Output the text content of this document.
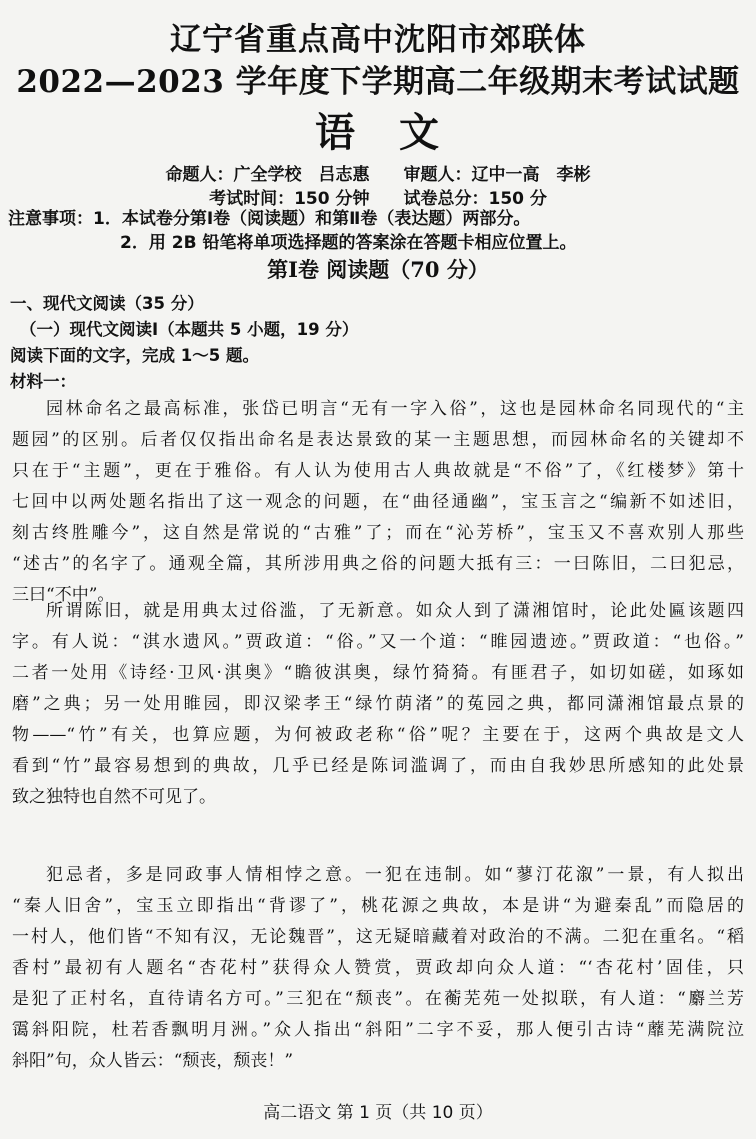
辽宁省重点高中沈阳市郊联体
2022—2023 学年度下学期高二年级期末考试试题
语　文
命题人：广全学校　吕志惠　　审题人：辽中一高　李彬
考试时间：150 分钟　　试卷总分：150 分
注意事项：1．本试卷分第Ⅰ卷（阅读题）和第Ⅱ卷（表达题）两部分。
2．用 2B 铅笔将单项选择题的答案涂在答题卡相应位置上。
第Ⅰ卷 阅读题（70 分）
一、现代文阅读（35 分）
（一）现代文阅读Ⅰ（本题共 5 小题，19 分）
阅读下面的文字，完成 1～5 题。
材料一：
园林命名之最高标准，张岱已明言“无有一字入俗”，这也是园林命名同现代的“主
题园”的区别。后者仅仅指出命名是表达景致的某一主题思想，而园林命名的关键却不
只在于“主题”，更在于雅俗。有人认为使用古人典故就是“不俗”了，《红楼梦》第十
七回中以两处题名指出了这一观念的问题，在“曲径通幽”，宝玉言之“编新不如述旧，
刻古终胜雕今”，这自然是常说的“古雅”了；而在“沁芳桥”，宝玉又不喜欢别人那些
“述古”的名字了。通观全篇，其所涉用典之俗的问题大抵有三：一曰陈旧，二曰犯忌，
三曰“不中”。
所谓陈旧，就是用典太过俗滥，了无新意。如众人到了潇湘馆时，论此处匾该题四
字。有人说：“淇水遗风。”贾政道：“俗。”又一个道：“睢园遗迹。”贾政道：“也俗。”
二者一处用《诗经·卫风·淇奥》“瞻彼淇奥，绿竹猗猗。有匪君子，如切如磋，如琢如
磨”之典；另一处用睢园，即汉梁孝王“绿竹荫渚”的菟园之典，都同潇湘馆最点景的
物——“竹”有关，也算应题，为何被政老称“俗”呢？主要在于，这两个典故是文人
看到“竹”最容易想到的典故，几乎已经是陈词滥调了，而由自我妙思所感知的此处景
致之独特也自然不可见了。
犯忌者，多是同政事人情相悖之意。一犯在违制。如“蓼汀花溆”一景，有人拟出
“秦人旧舍”，宝玉立即指出“背谬了”，桃花源之典故，本是讲“为避秦乱”而隐居的
一村人，他们皆“不知有汉，无论魏晋”，这无疑暗藏着对政治的不满。二犯在重名。“稻
香村”最初有人题名“杏花村”获得众人赞赏，贾政却向众人道：“‘杏花村’固佳，只
是犯了正村名，直待请名方可。”三犯在“颓丧”。在蘅芜苑一处拟联，有人道：“麝兰芳
霭斜阳院，杜若香飘明月洲。”众人指出“斜阳”二字不妥，那人便引古诗“蘼芜满院泣
斜阳”句，众人皆云：“颓丧，颓丧！”
高二语文 第 1 页（共 10 页）
